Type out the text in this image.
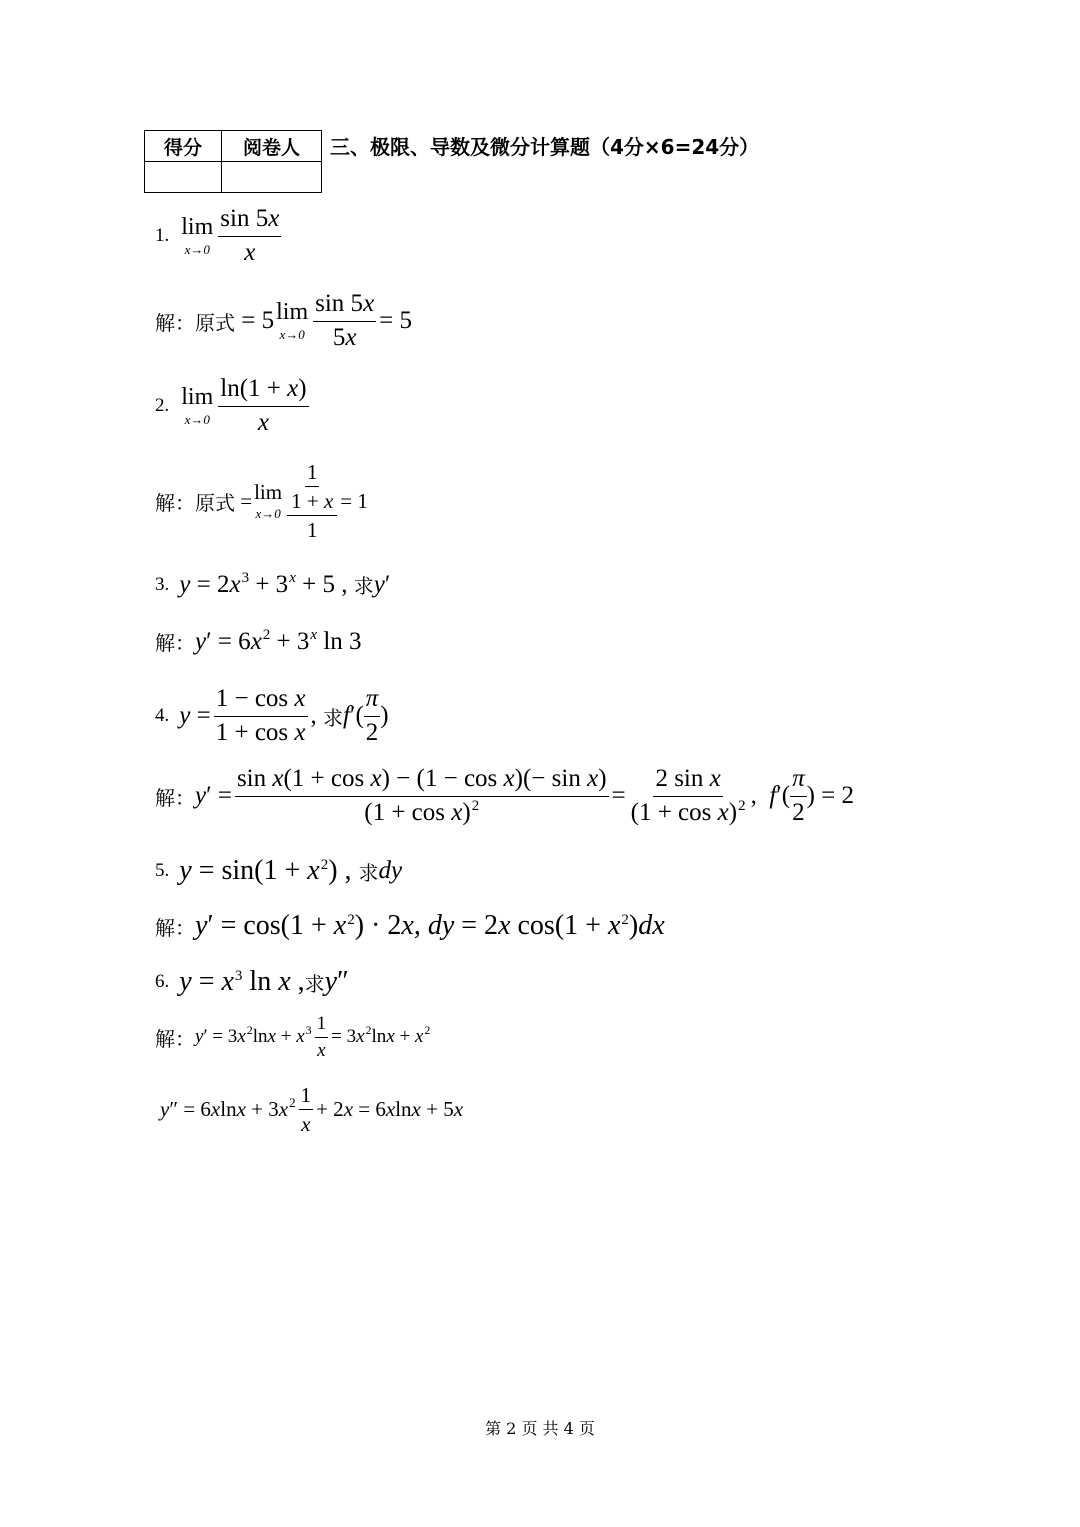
得分	阅卷人
	三、极限、导数及微分计算题（4分×6=24分）
1. lim
$x\to 0 \frac{\sin 5x}{x}$
解： 原式 = 5 lim
$x\to 0 \frac{\sin 5x}{5x} = 5$
2. lim
$x\to 0 \frac{\ln(1 + x)}{x}$
解： 原式 = lim
$x\to 0 \frac{\frac{1}{1 + x}}{1} = 1$
3. $y = 2x^3 + 3^x + 5$ , 求 y′
解： $y' = 6x^2 + 3^x$ ln 3
4. $y = \frac{\text{1 − cos x}}{\text{1 + cos x}}$ , 求 $f'( \frac{\pi}{2}$ )
解： $y' = \frac{\text{sin x(1 + cos x) − (1 − cos x)(− sin x)}}{(1 + \cos x)^2} = \frac{\text{2 sin x}}{(1 + \cos x)^2}$ ,  $f'( \frac{\pi}{2}$ ) = 2
5. $y = \sin(1 + x^2)$ , 求 dy
解： $y' = \cos(1 + x^2) \cdot 2x$, dy = 2x $\cos(1 + x^2)dx$
6. $y = x^3$ ln x , 求 y″
解： $y' = 3x^2\ln x + x^3 \frac{1}{x} = 3x^2\ln x + x^2$
$y'' = 6xlnx + 3x^2 \frac{1}{x} + 2x = 6xlnx + 5x$
第 2 页 共 4 页
